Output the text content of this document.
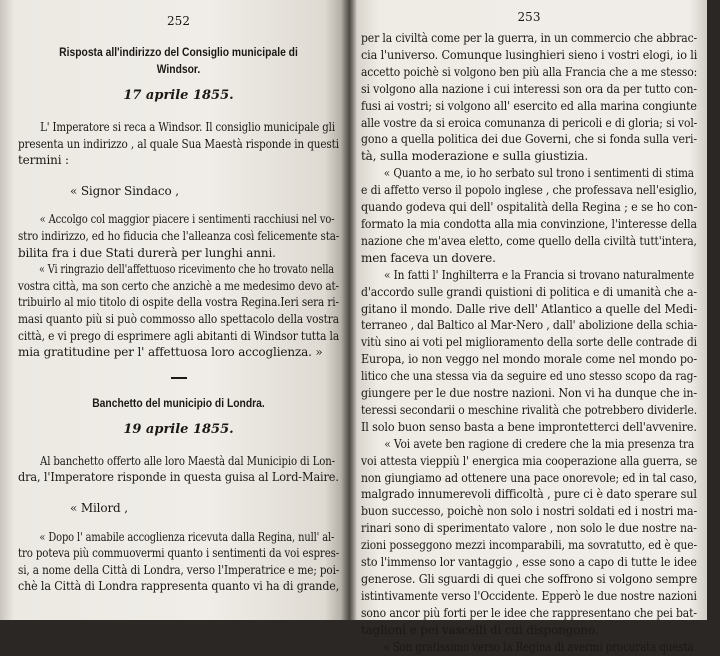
252
Risposta all'indirizzo del Consiglio municipale di Windsor.
17 aprile 1855.
L' Imperatore si reca a Windsor. Il consiglio municipale gli
presenta un indirizzo , al quale Sua Maestà risponde in questi
termini :
« Signor Sindaco ,
« Accolgo col maggior piacere i sentimenti racchiusi nel vo-
stro indirizzo, ed ho fiducia che l'alleanza così felicemente sta-
bilita fra i due Stati durerà per lunghi anni.
« Vi ringrazio dell'affettuoso ricevimento che ho trovato nella
vostra città, ma son certo che anzichè a me medesimo devo at-
tribuirlo al mio titolo di ospite della vostra Regina.Ieri sera ri-
masi quanto più si può commosso allo spettacolo della vostra
città, e vi prego di esprimere agli abitanti di Windsor tutta la
mia gratitudine per l' affettuosa loro accoglienza. »
Banchetto del municipio di Londra.
19 aprile 1855.
Al banchetto offerto alle loro Maestà dal Municipio di Lon-
dra, l'Imperatore risponde in questa guisa al Lord-Maire.
« Milord ,
« Dopo l' amabile accoglienza ricevuta dalla Regina, null' al-
tro poteva più commuovermi quanto i sentimenti da voi espres-
si, a nome della Città di Londra, verso l'Imperatrice e me; poi-
chè la Città di Londra rappresenta quanto vi ha di grande,
253
per la civiltà come per la guerra, in un commercio che abbrac-
cia l'universo. Comunque lusinghieri sieno i vostri elogi, io li
accetto poichè si volgono ben più alla Francia che a me stesso:
si volgono alla nazione i cui interessi son ora da per tutto con-
fusi ai vostri; si volgono all' esercito ed alla marina congiunte
alle vostre da si eroica comunanza di pericoli e di gloria; si vol-
gono a quella politica dei due Governi, che si fonda sulla veri-
tà, sulla moderazione e sulla giustizia.
« Quanto a me, io ho serbato sul trono i sentimenti di stima
e di affetto verso il popolo inglese , che professava nell'esiglio,
quando godeva qui dell' ospitalità della Regina ; e se ho con-
formato la mia condotta alla mia convinzione, l'interesse della
nazione che m'avea eletto, come quello della civiltà tutt'intera,
men faceva un dovere.
« In fatti l' Inghilterra e la Francia si trovano naturalmente
d'accordo sulle grandi quistioni di politica e di umanità che a-
gitano il mondo. Dalle rive dell' Atlantico a quelle del Medi-
terraneo , dal Baltico al Mar-Nero , dall' abolizione della schia-
vitù sino ai voti pel miglioramento della sorte delle contrade di
Europa, io non veggo nel mondo morale come nel mondo po-
litico che una stessa via da seguire ed uno stesso scopo da rag-
giungere per le due nostre nazioni. Non vi ha dunque che in-
teressi secondarii o meschine rivalità che potrebbero dividerle.
Il solo buon senso basta a bene improntetterci dell'avvenire.
« Voi avete ben ragione di credere che la mia presenza tra
voi attesta vieppiù l' energica mia cooperazione alla guerra, se
non giungiamo ad ottenere una pace onorevole; ed in tal caso,
malgrado innumerevoli difficoltà , pure ci è dato sperare sul
buon successo, poichè non solo i nostri soldati ed i nostri ma-
rinari sono di sperimentato valore , non solo le due nostre na-
zioni posseggono mezzi incomparabili, ma sovratutto, ed è que-
sto l'immenso lor vantaggio , esse sono a capo di tutte le idee
generose. Gli sguardi di quei che soffrono si volgono sempre
istintivamente verso l'Occidente. Epperò le due nostre nazioni
sono ancor più forti per le idee che rappresentano che pei bat-
taglioni e pei vascelli di cui dispongono.
« Son gratissimo verso la Regina di avermi procurata questa
